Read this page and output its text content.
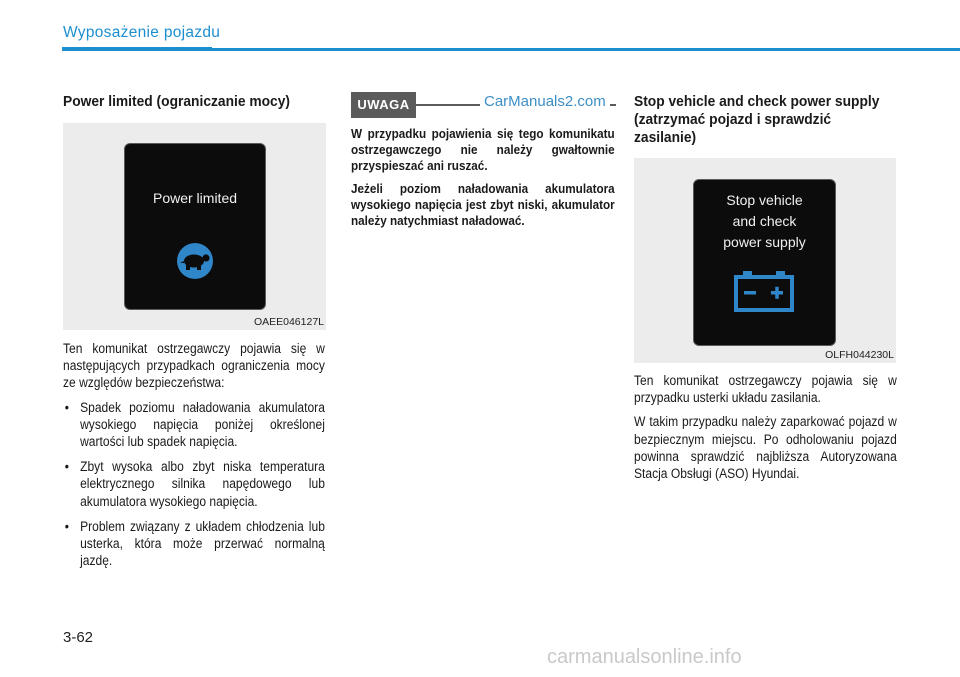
Wyposażenie pojazdu
Power limited (ograniczanie mocy)
Power limited
OAEE046127L

Ten komunikat ostrzegawczy pojawia się w następujących przypadkach ograniczenia mocy ze względów bezpieczeństwa:

• Spadek poziomu naładowania akumulatora wysokiego napięcia poniżej określonej wartości lub spadek napięcia.
• Zbyt wysoka albo zbyt niska temperatura elektrycznego silnika napędowego lub akumulatora wysokiego napięcia.
• Problem związany z układem chłodzenia lub usterka, która może przerwać normalną jazdę.
UWAGA	CarManuals2.com

W przypadku pojawienia się tego komunikatu ostrzegawczego nie należy gwałtownie przyspieszać ani ruszać.

Jeżeli poziom naładowania akumulatora wysokiego napięcia jest zbyt niski, akumulator należy natychmiast naładować.

Stop vehicle and check power supply (zatrzymać pojazd i sprawdzić zasilanie)
Stop vehicle
and check
power supply
OLFH044230L

Ten komunikat ostrzegawczy pojawia się w przypadku usterki układu zasilania.

W takim przypadku należy zaparkować pojazd w bezpiecznym miejscu. Po odholowaniu pojazd powinna sprawdzić najbliższa Autoryzowana Stacja Obsługi (ASO) Hyundai.

3-62
carmanualsonline.info
